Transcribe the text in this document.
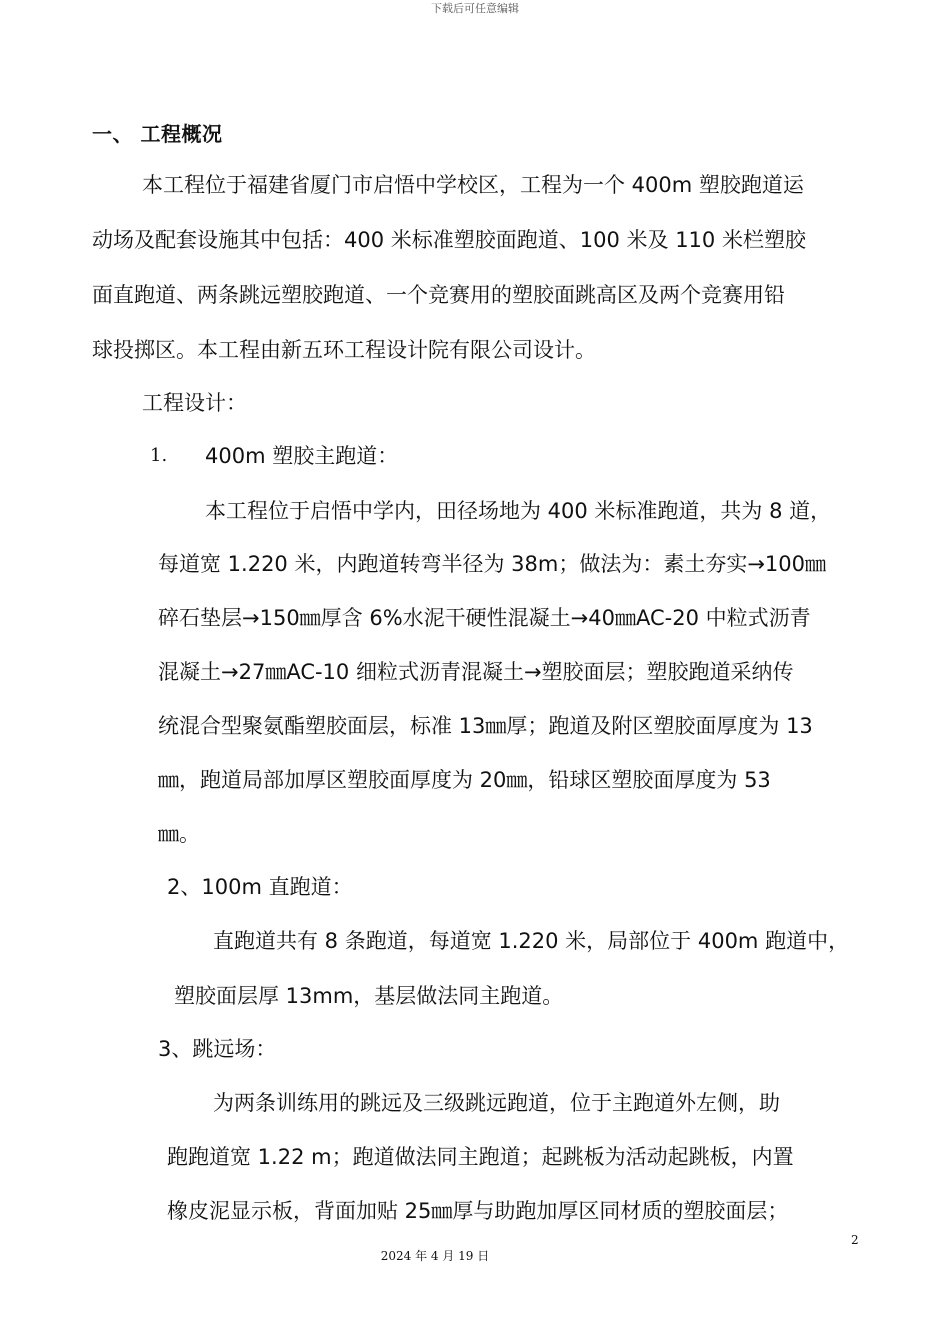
下载后可任意编辑
一、 工程概况
本工程位于福建省厦门市启悟中学校区，工程为一个 400m 塑胶跑道运
动场及配套设施其中包括：400 米标准塑胶面跑道、100 米及 110 米栏塑胶
面直跑道、两条跳远塑胶跑道、一个竞赛用的塑胶面跳高区及两个竞赛用铅
球投掷区。本工程由新五环工程设计院有限公司设计。
工程设计：
1. 400m 塑胶主跑道：
本工程位于启悟中学内，田径场地为 400 米标准跑道，共为 8 道，
每道宽 1.220 米，内跑道转弯半径为 38m；做法为：素土夯实→100㎜
碎石垫层→150㎜厚含 6%水泥干硬性混凝土→40㎜AC-20 中粒式沥青
混凝土→27㎜AC-10 细粒式沥青混凝土→塑胶面层；塑胶跑道采纳传
统混合型聚氨酯塑胶面层，标准 13㎜厚；跑道及附区塑胶面厚度为 13
㎜，跑道局部加厚区塑胶面厚度为 20㎜，铅球区塑胶面厚度为 53
㎜。
2、100m 直跑道：
直跑道共有 8 条跑道，每道宽 1.220 米，局部位于 400m 跑道中，
塑胶面层厚 13mm，基层做法同主跑道。
3、跳远场：
为两条训练用的跳远及三级跳远跑道，位于主跑道外左侧，助
跑跑道宽 1.22 m；跑道做法同主跑道；起跳板为活动起跳板，内置
橡皮泥显示板，背面加贴 25㎜厚与助跑加厚区同材质的塑胶面层；
2
2024 年 4 月 19 日
